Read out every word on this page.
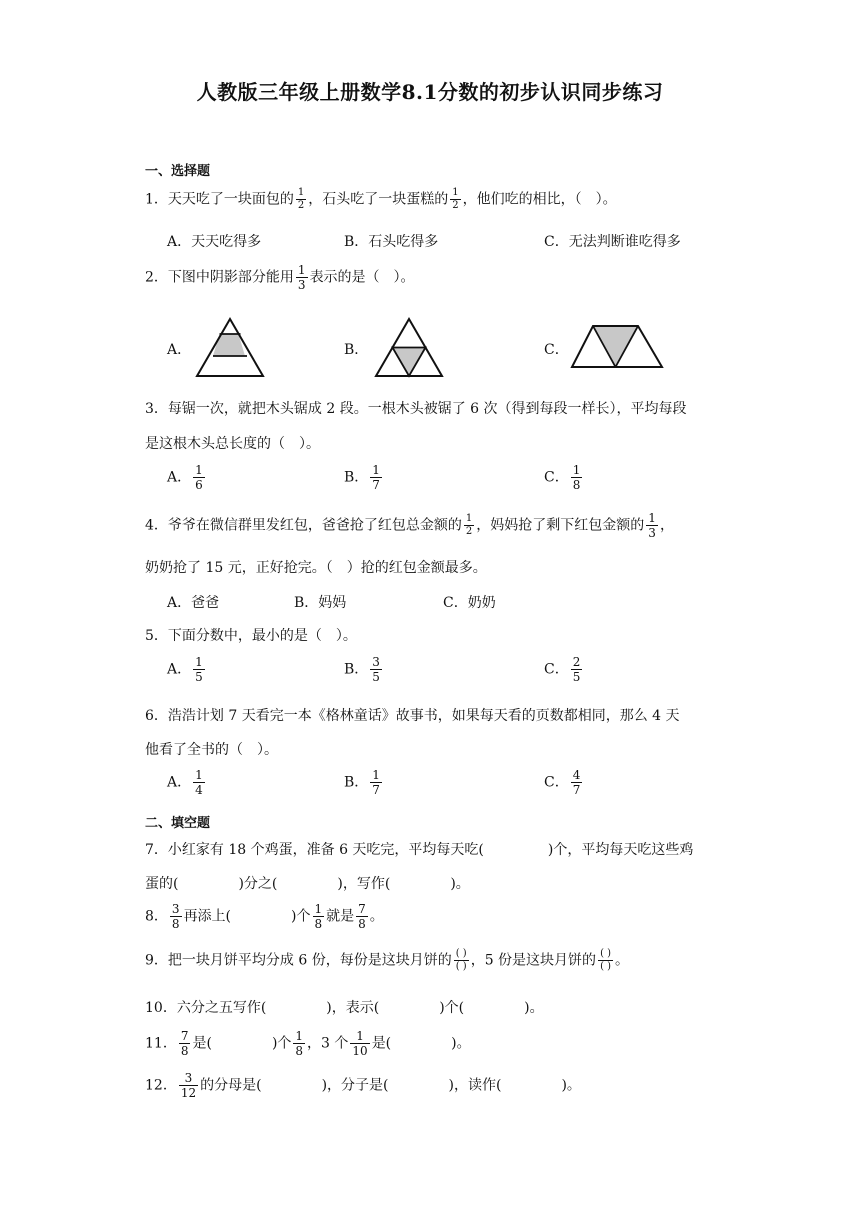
人教版三年级上册数学8.1分数的初步认识同步练习
一、选择题
1．天天吃了一块面包的 $\frac{1}{2}$ ，石头吃了一块蛋糕的 $\frac{1}{2}$ ，他们吃的相比，（　）。
A．天天吃得多	B．石头吃得多	C．无法判断谁吃得多
2．下图中阴影部分能用 $\frac{1}{3}$ 表示的是（　）。
A．	B．	C．
3．每锯一次，就把木头锯成 2 段。一根木头被锯了 6 次（得到每段一样长），平均每段
是这根木头总长度的（　）。
A． $\frac{1}{6}$	B． $\frac{1}{7}$	C． $\frac{1}{8}$
4．爷爷在微信群里发红包，爸爸抢了红包总金额的 $\frac{1}{2}$ ，妈妈抢了剩下红包金额的 $\frac{1}{3}$ ，
奶奶抢了 15 元，正好抢完。（　）抢的红包金额最多。
A．爸爸	B．妈妈	C．奶奶
5．下面分数中，最小的是（　）。
A． $\frac{1}{5}$	B． $\frac{3}{5}$	C． $\frac{2}{5}$
6．浩浩计划 7 天看完一本《格林童话》故事书，如果每天看的页数都相同，那么 4 天
他看了全书的（　）。
A． $\frac{1}{4}$	B． $\frac{1}{7}$	C． $\frac{4}{7}$
二、填空题
7．小红家有 18 个鸡蛋，准备 6 天吃完，平均每天吃(	)个，平均每天吃这些鸡
蛋的(	)分之(	)，写作(	)。
8． $\frac{3}{8}$ 再添上(	)个 $\frac{1}{8}$ 就是 $\frac{7}{8}$ 。
9．把一块月饼平均分成 6 份，每份是这块月饼的 $\frac{( )}{( )}$ ，5 份是这块月饼的 $\frac{( )}{( )}$ 。
10．六分之五写作(	)，表示(	)个(	)。
11． $\frac{7}{8}$ 是(	)个 $\frac{1}{8}$ ，3 个 $\frac{1}{10}$ 是(	)。
12． $\frac{3}{12}$ 的分母是(	)，分子是(	)，读作(	)。
